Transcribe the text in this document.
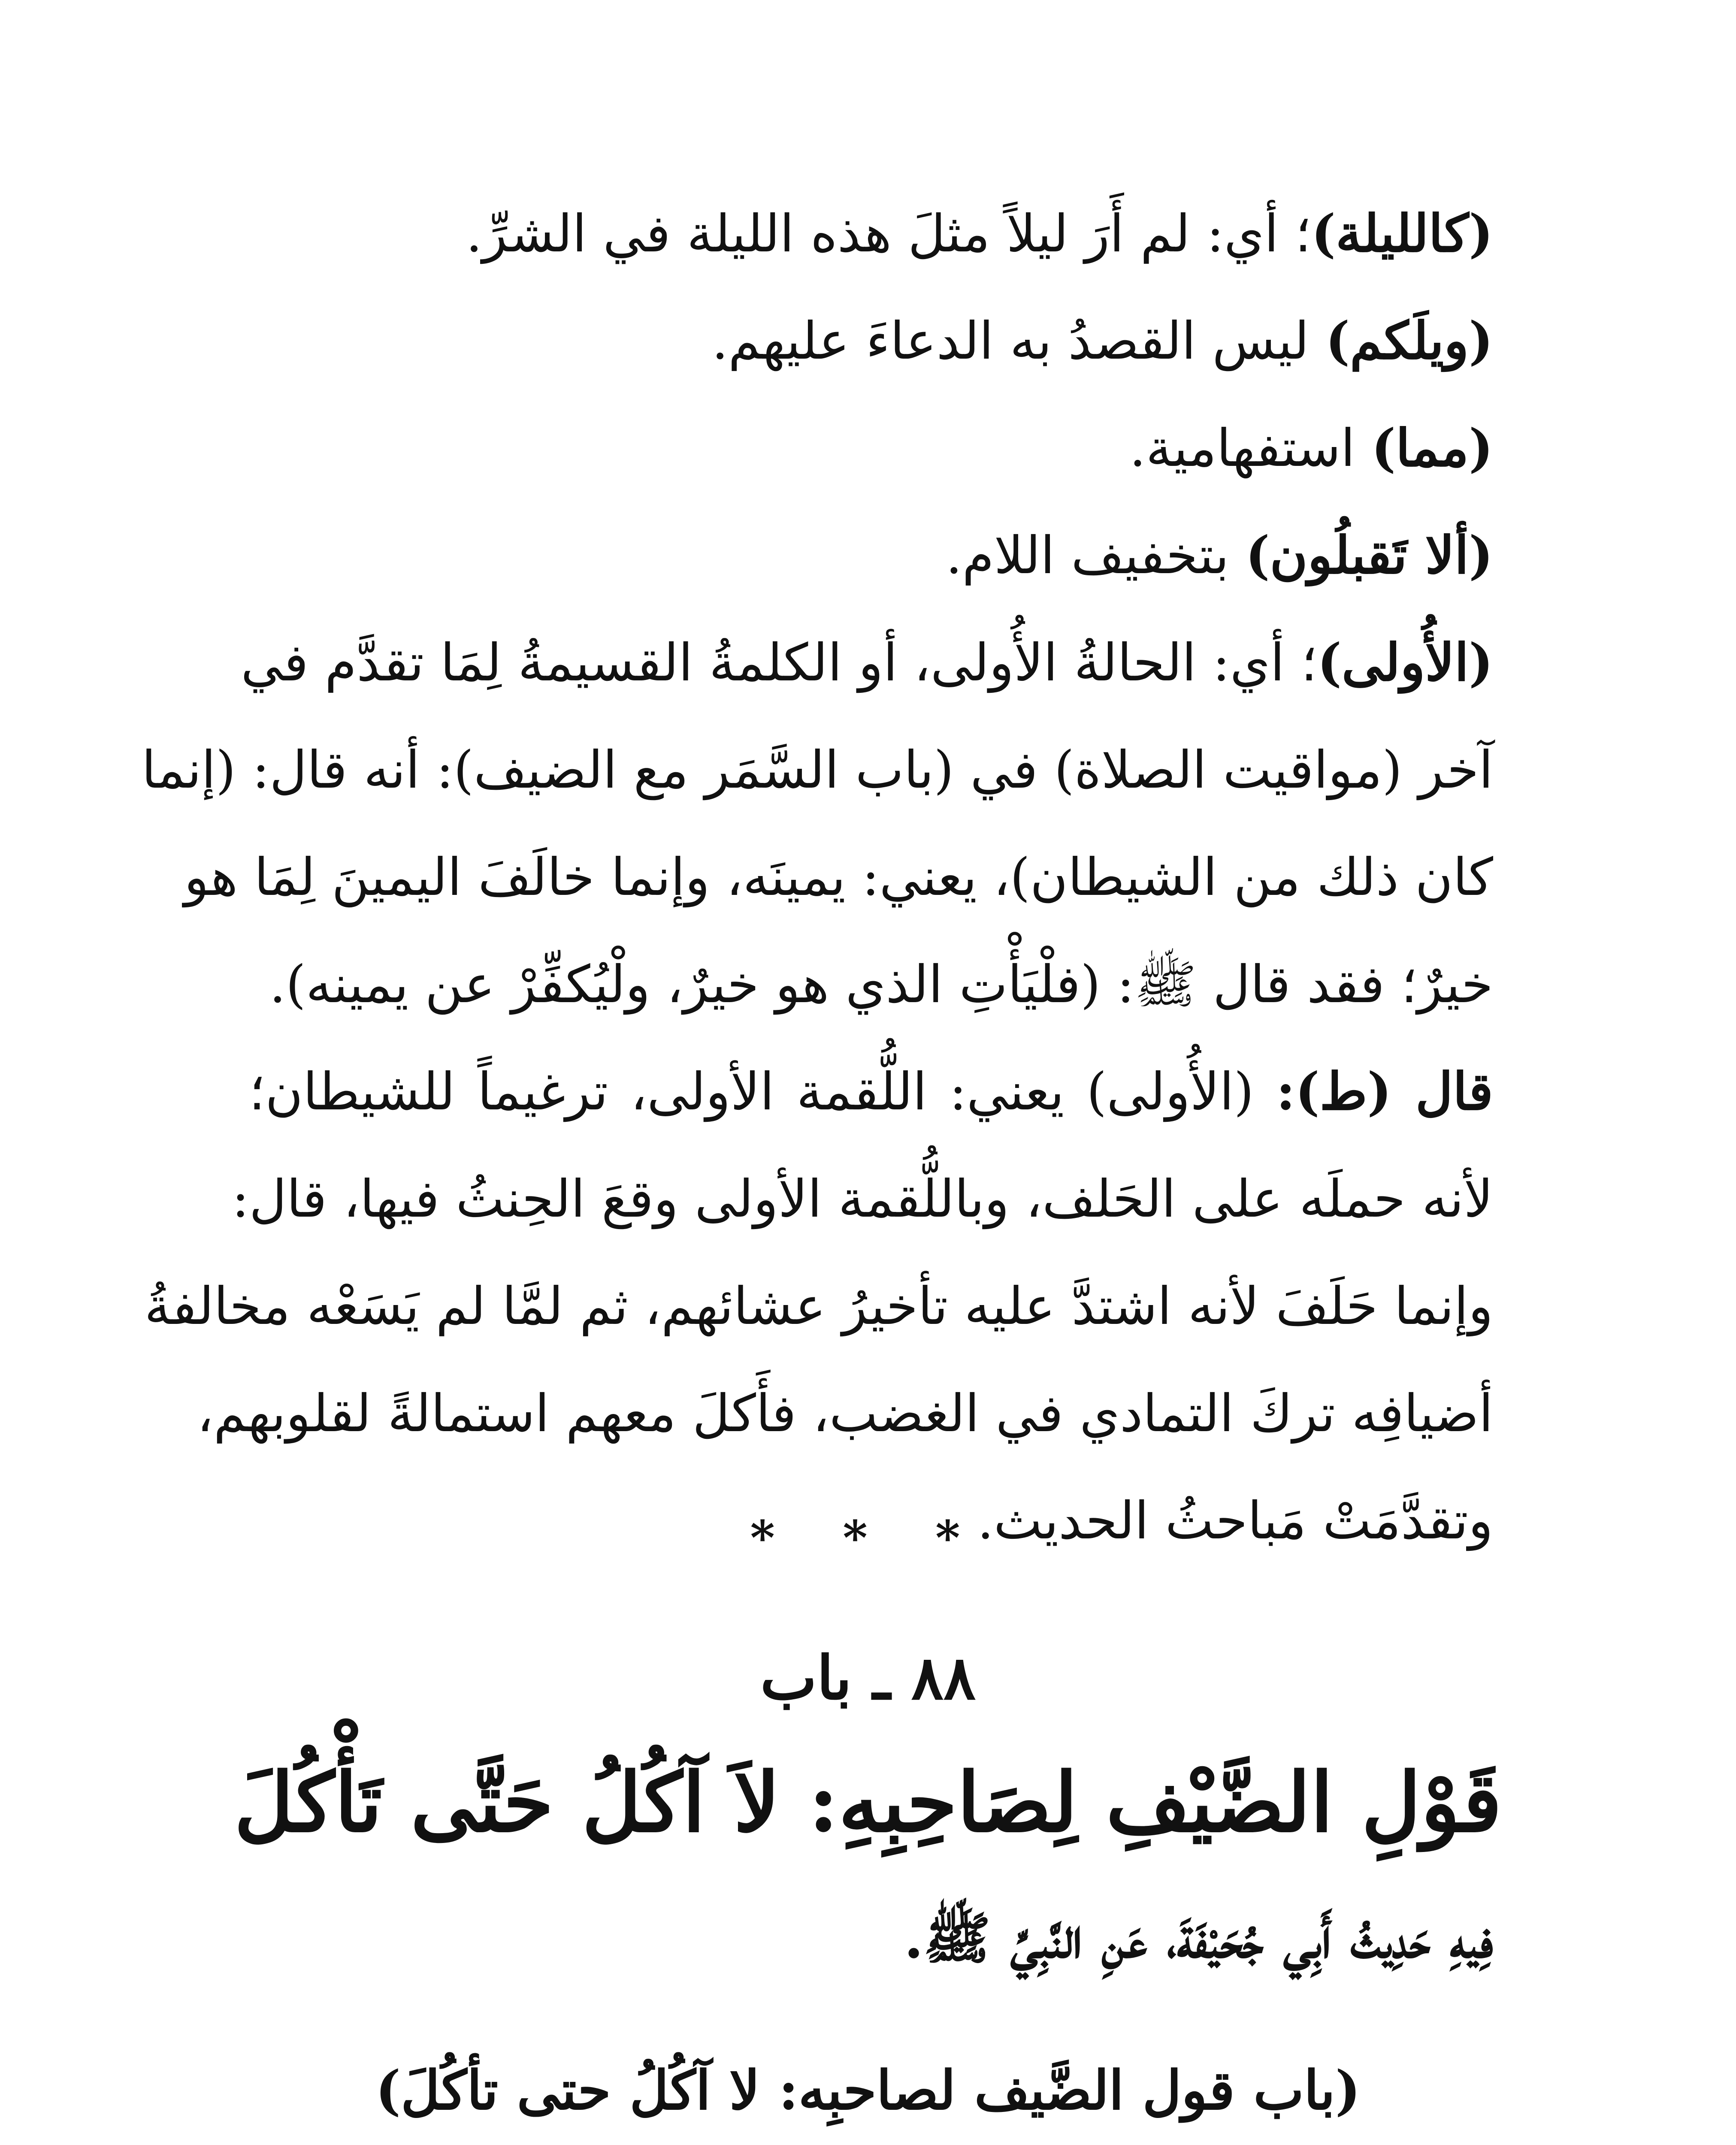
(كالليلة)؛ أي: لم أَرَ ليلاً مثلَ هذه الليلة في الشرِّ.
(ويلَكم) ليس القصدُ به الدعاءَ عليهم.
(مما) استفهامية.
(ألا تَقبلُون) بتخفيف اللام.
(الأُولى)؛ أي: الحالةُ الأُولى، أو الكلمةُ القسيمةُ لِمَا تقدَّم في
آخر (مواقيت الصلاة) في (باب السَّمَر مع الضيف): أنه قال: (إنما
كان ذلك من الشيطان)، يعني: يمينَه، وإنما خالَفَ اليمينَ لِمَا هو
خيرٌ؛ فقد قال ﷺ: (فلْيَأْتِ الذي هو خيرٌ، ولْيُكفِّرْ عن يمينه).
قال (ط): (الأُولى) يعني: اللُّقمة الأولى، ترغيماً للشيطان؛
لأنه حملَه على الحَلف، وباللُّقمة الأولى وقعَ الحِنثُ فيها، قال:
وإنما حَلَفَ لأنه اشتدَّ عليه تأخيرُ عشائهم، ثم لمَّا لم يَسَعْه مخالفةُ
أضيافِه تركَ التمادي في الغضب، فأَكلَ معهم استمالةً لقلوبهم،
وتقدَّمَتْ مَباحثُ الحديث.
* * *
٨٨ ـ باب
قَوْلِ الضَّيْفِ لِصَاحِبِهِ: لاَ آكُلُ حَتَّى تَأْكُلَ
فِيهِ حَدِيثُ أَبِي جُحَيْفَةَ، عَنِ النَّبِيِّ ﷺ.
(باب قول الضَّيف لصاحبِه: لا آكُلُ حتى تأكُلَ)
